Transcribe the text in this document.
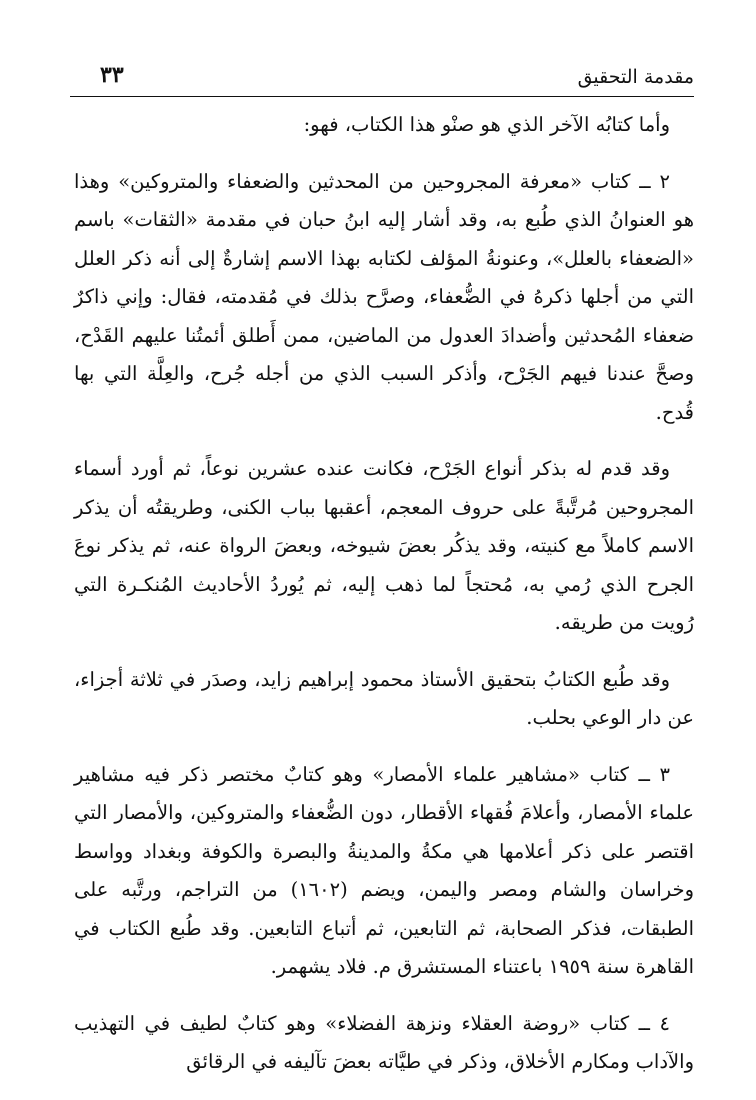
٣٣	مقدمة التحقيق

وأما كتابُه الآخر الذي هو صنْو هذا الكتاب، فهو:

٢ ــ كتاب «معرفة المجروحين من المحدثين والضعفاء والمتروكين» وهذا هو العنوانُ الذي طُبع به، وقد أشار إليه ابنُ حبان في مقدمة «الثقات» باسم «الضعفاء بالعلل»، وعنونةُ المؤلف لكتابه بهذا الاسم إشارةٌ إلى أنه ذكر العلل التي من أجلها ذكرهُ في الضُّعفاء، وصرَّح بذلك في مُقدمته، فقال: وإني ذاكرٌ ضعفاء المُحدثين وأضدادَ العدول من الماضين، ممن أَطلق أئمتُنا عليهم القَدْح، وصحَّ عندنا فيهم الجَرْح، وأذكر السبب الذي من أجله جُرح، والعِلَّة التي بها قُدح.

وقد قدم له بذكر أنواع الجَرْح، فكانت عنده عشرين نوعاً، ثم أورد أسماء المجروحين مُرتَّبةً على حروف المعجم، أعقبها بباب الكنى، وطريقتُه أن يذكر الاسم كاملاً مع كنيته، وقد يذكُر بعضَ شيوخه، وبعضَ الرواة عنه، ثم يذكر نوعَ الجرح الذي رُمي به، مُحتجاً لما ذهب إليه، ثم يُوردُ الأحاديث المُنكـرة التي رُويت من طريقه.

وقد طُبع الكتابُ بتحقيق الأستاذ محمود إبراهيم زايد، وصدَر في ثلاثة أجزاء، عن دار الوعي بحلب.

٣ ــ كتاب «مشاهير علماء الأمصار» وهو كتابٌ مختصر ذكر فيه مشاهير علماء الأمصار، وأعلامَ فُقهاء الأقطار، دون الضُّعفاء والمتروكين، والأمصار التي اقتصر على ذكر أعلامها هي مكةُ والمدينةُ والبصرة والكوفة وبغداد وواسط وخراسان والشام ومصر واليمن، ويضم (١٦٠٢) من التراجم، ورتَّبه على الطبقات، فذكر الصحابة، ثم التابعين، ثم أتباع التابعين. وقد طُبع الكتاب في القاهرة سنة ١٩٥٩ باعتناء المستشرق م. فلاد يشهمر.

٤ ــ كتاب «روضة العقلاء ونزهة الفضلاء» وهو كتابٌ لطيف في التهذيب والآداب ومكارم الأخلاق، وذكر في طيَّاته بعضَ تآليفه في الرقائق
